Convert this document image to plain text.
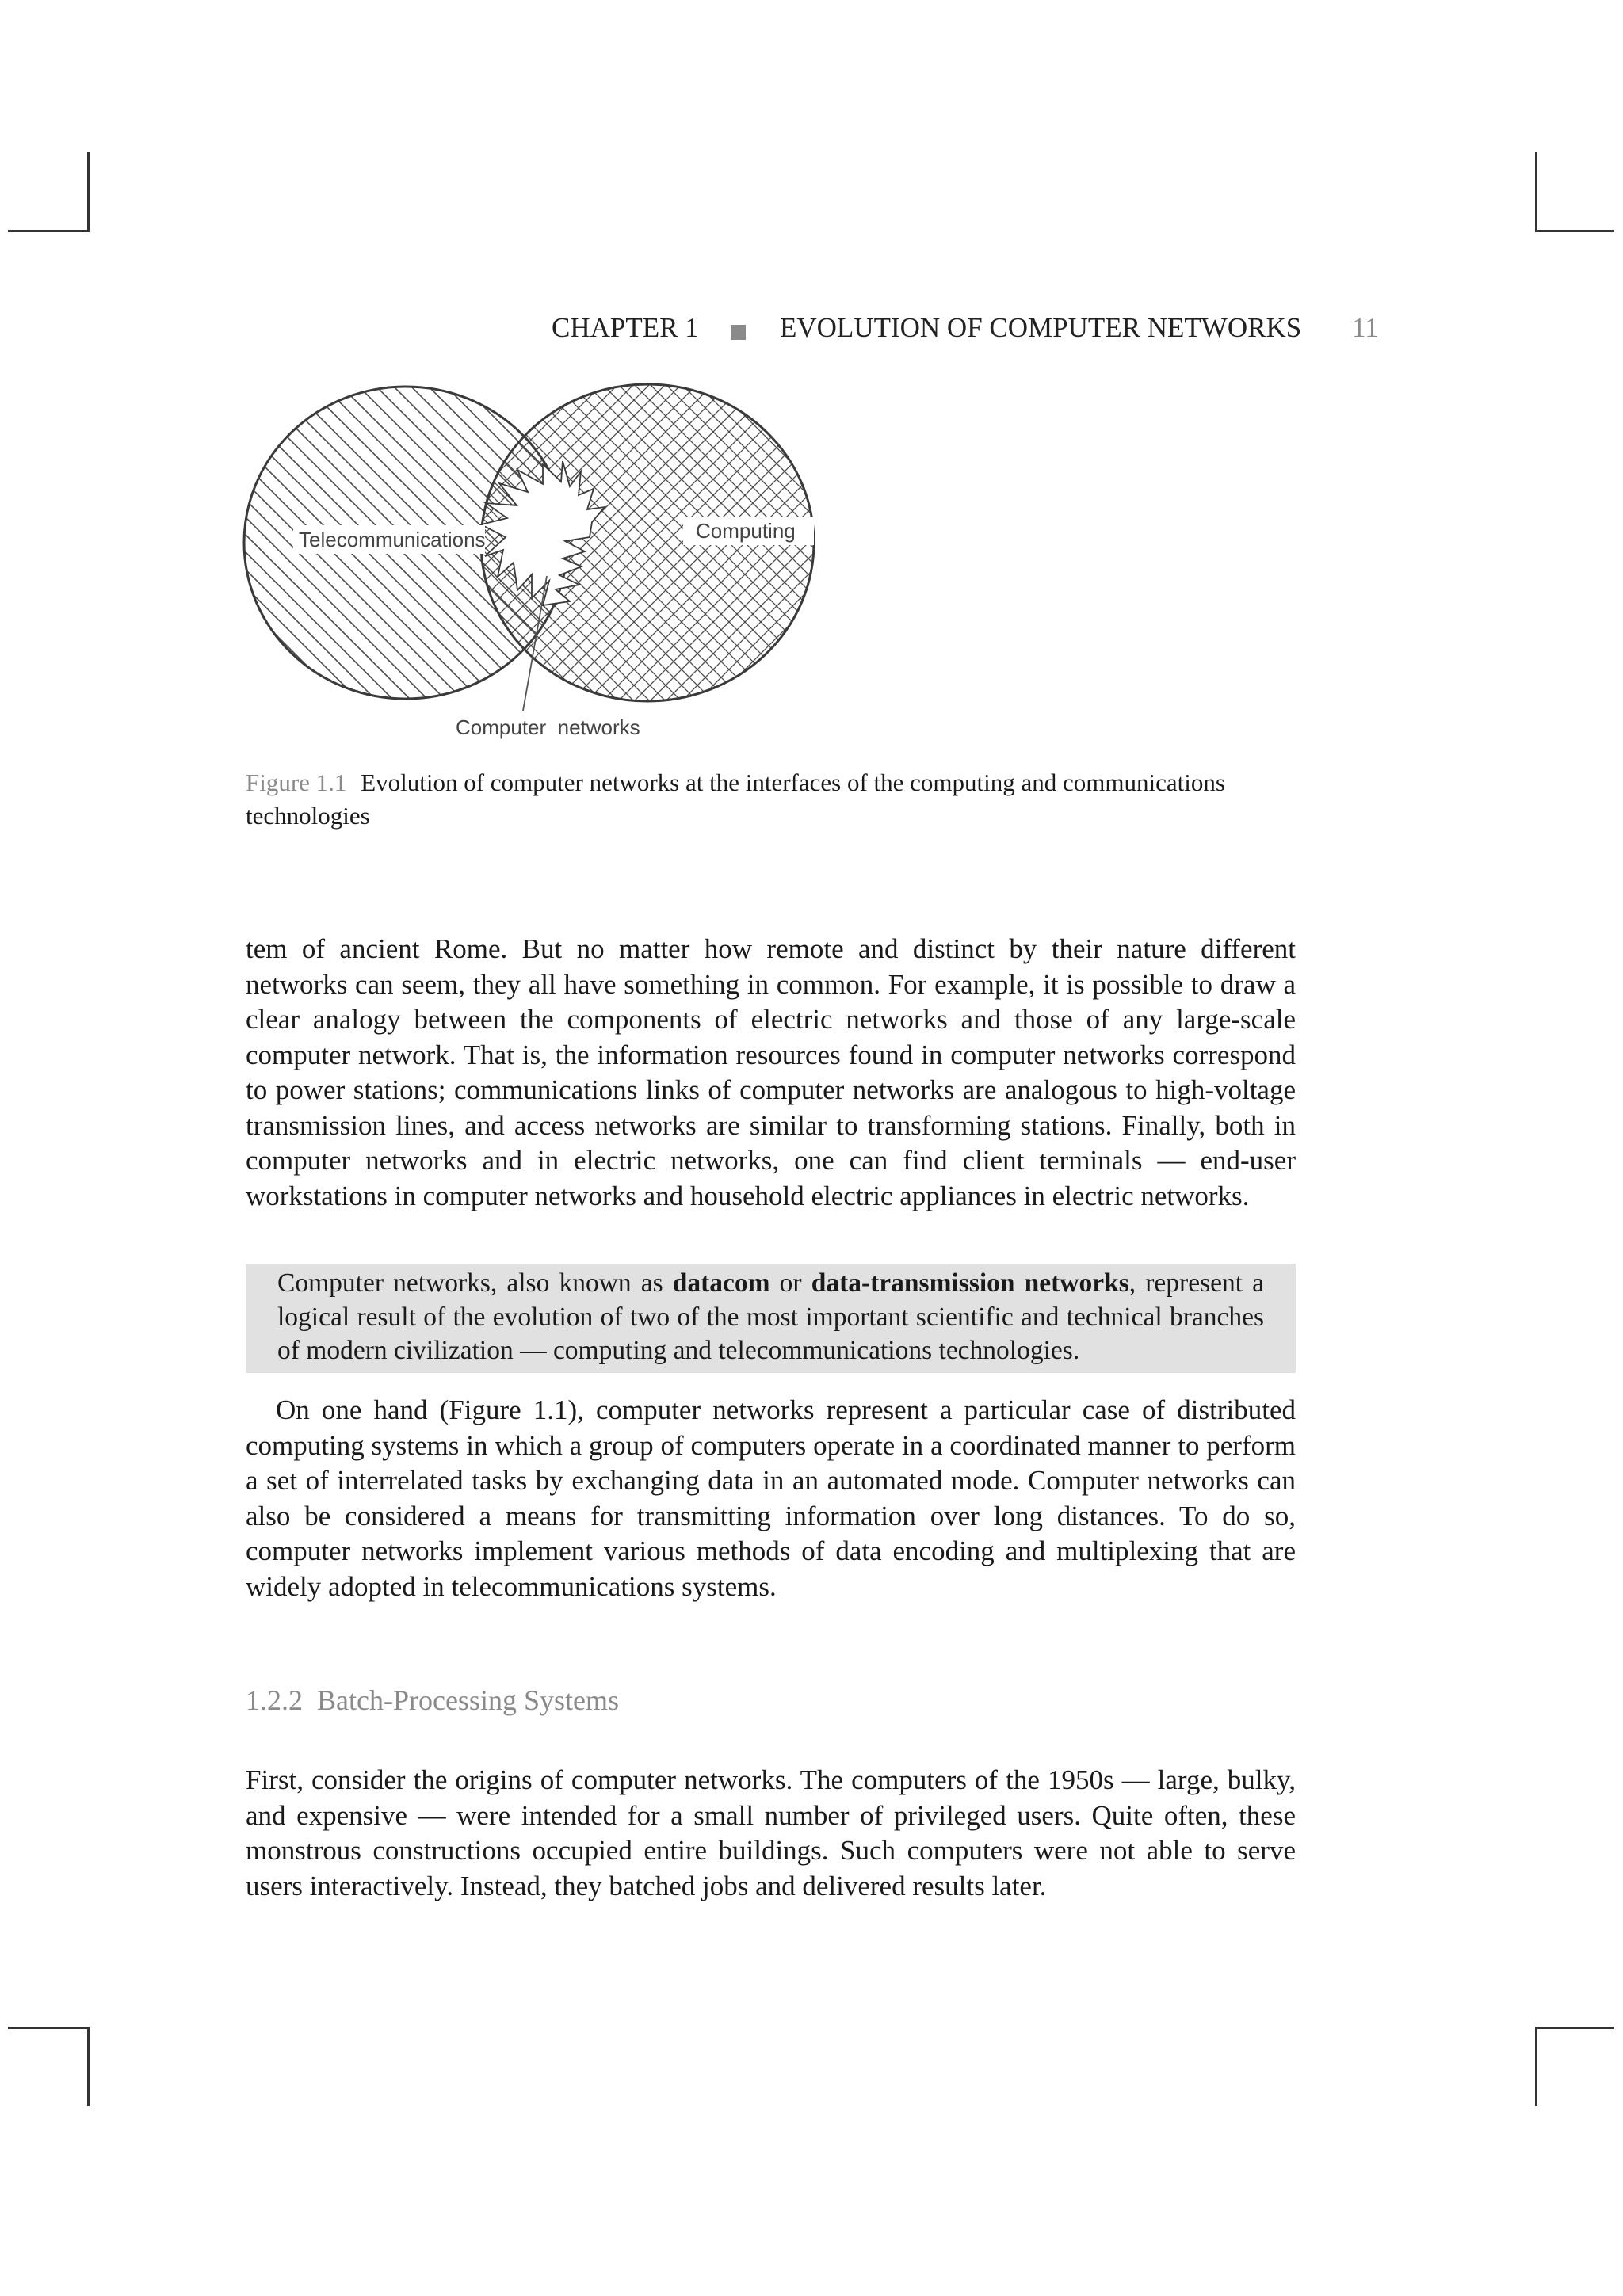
CHAPTER 1	EVOLUTION OF COMPUTER NETWORKS 11
Telecommunications	Computing
Computer  networks
Figure 1.1 Evolution of computer networks at the interfaces of the computing and communications technologies
tem of ancient Rome. But no matter how remote and distinct by their nature different networks can seem, they all have something in common. For example, it is possible to draw a clear analogy between the components of electric networks and those of any large-scale computer network. That is, the information resources found in computer networks correspond to power stations; communications links of computer networks are analogous to high-voltage transmission lines, and access networks are similar to transforming stations. Finally, both in computer networks and in electric networks, one can find client terminals — end-user workstations in computer networks and household electric appliances in electric networks.
Computer networks, also known as datacom or data-transmission networks, represent a logical result of the evolution of two of the most important scientific and technical branches of modern civilization — computing and telecommunications technologies.
On one hand (Figure 1.1), computer networks represent a particular case of distributed computing systems in which a group of computers operate in a coordinated manner to perform a set of interrelated tasks by exchanging data in an automated mode. Computer networks can also be considered a means for transmitting information over long distances. To do so, computer networks implement various methods of data encoding and multiplexing that are widely adopted in telecommunications systems.
1.2.2 Batch-Processing Systems
First, consider the origins of computer networks. The computers of the 1950s — large, bulky, and expensive — were intended for a small number of privileged users. Quite often, these monstrous constructions occupied entire buildings. Such computers were not able to serve users interactively. Instead, they batched jobs and delivered results later.
